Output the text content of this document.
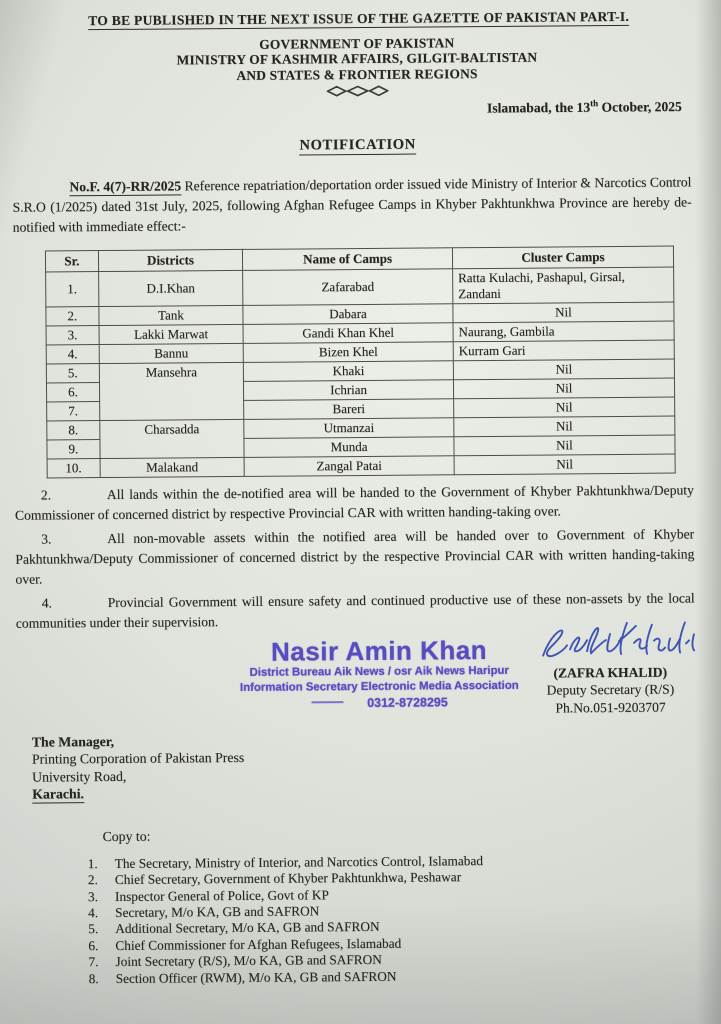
TO BE PUBLISHED IN THE NEXT ISSUE OF THE GAZETTE OF PAKISTAN PART-I.
GOVERNMENT OF PAKISTAN
MINISTRY OF KASHMIR AFFAIRS, GILGIT-BALTISTAN
AND STATES & FRONTIER REGIONS
Islamabad, the 13th October, 2025
NOTIFICATION

No.F. 4(7)-RR/2025 Reference repatriation/deportation order issued vide Ministry of Interior & Narcotics Control S.R.O (1/2025) dated 31st July, 2025, following Afghan Refugee Camps in Khyber Pakhtunkhwa Province are hereby de-notified with immediate effect:-

Sr.	Districts	Name of Camps	Cluster Camps
1.	D.I.Khan	Zafarabad	Ratta Kulachi, Pashapul, Girsal, Zandani
2.	Tank	Dabara	Nil
3.	Lakki Marwat	Gandi Khan Khel	Naurang, Gambila
4.	Bannu	Bizen Khel	Kurram Gari
5.	Mansehra	Khaki	Nil
6.		Ichrian	Nil
7.		Bareri	Nil
8.	Charsadda	Utmanzai	Nil
9.		Munda	Nil
10.	Malakand	Zangal Patai	Nil

2.	All lands within the de-notified area will be handed to the Government of Khyber Pakhtunkhwa/Deputy Commissioner of concerned district by respective Provincial CAR with written handing-taking over.

3.	All non-movable assets within the notified area will be handed over to Government of Khyber Pakhtunkhwa/Deputy Commissioner of concerned district by the respective Provincial CAR with written handing-taking over.

4.	Provincial Government will ensure safety and continued productive use of these non-assets by the local communities under their supervision.

Nasir Amin Khan
District Bureau Aik News / osr Aik News Haripur
Information Secretary Electronic Media Association
0312-8728295
(ZAFRA KHALID)
Deputy Secretary (R/S)
Ph.No.051-9203707
The Manager,
Printing Corporation of Pakistan Press
University Road,
Karachi.
Copy to:
1. The Secretary, Ministry of Interior, and Narcotics Control, Islamabad
2. Chief Secretary, Government of Khyber Pakhtunkhwa, Peshawar
3. Inspector General of Police, Govt of KP
4. Secretary, M/o KA, GB and SAFRON
5. Additional Secretary, M/o KA, GB and SAFRON
6. Chief Commissioner for Afghan Refugees, Islamabad
7. Joint Secretary (R/S), M/o KA, GB and SAFRON
8. Section Officer (RWM), M/o KA, GB and SAFRON
